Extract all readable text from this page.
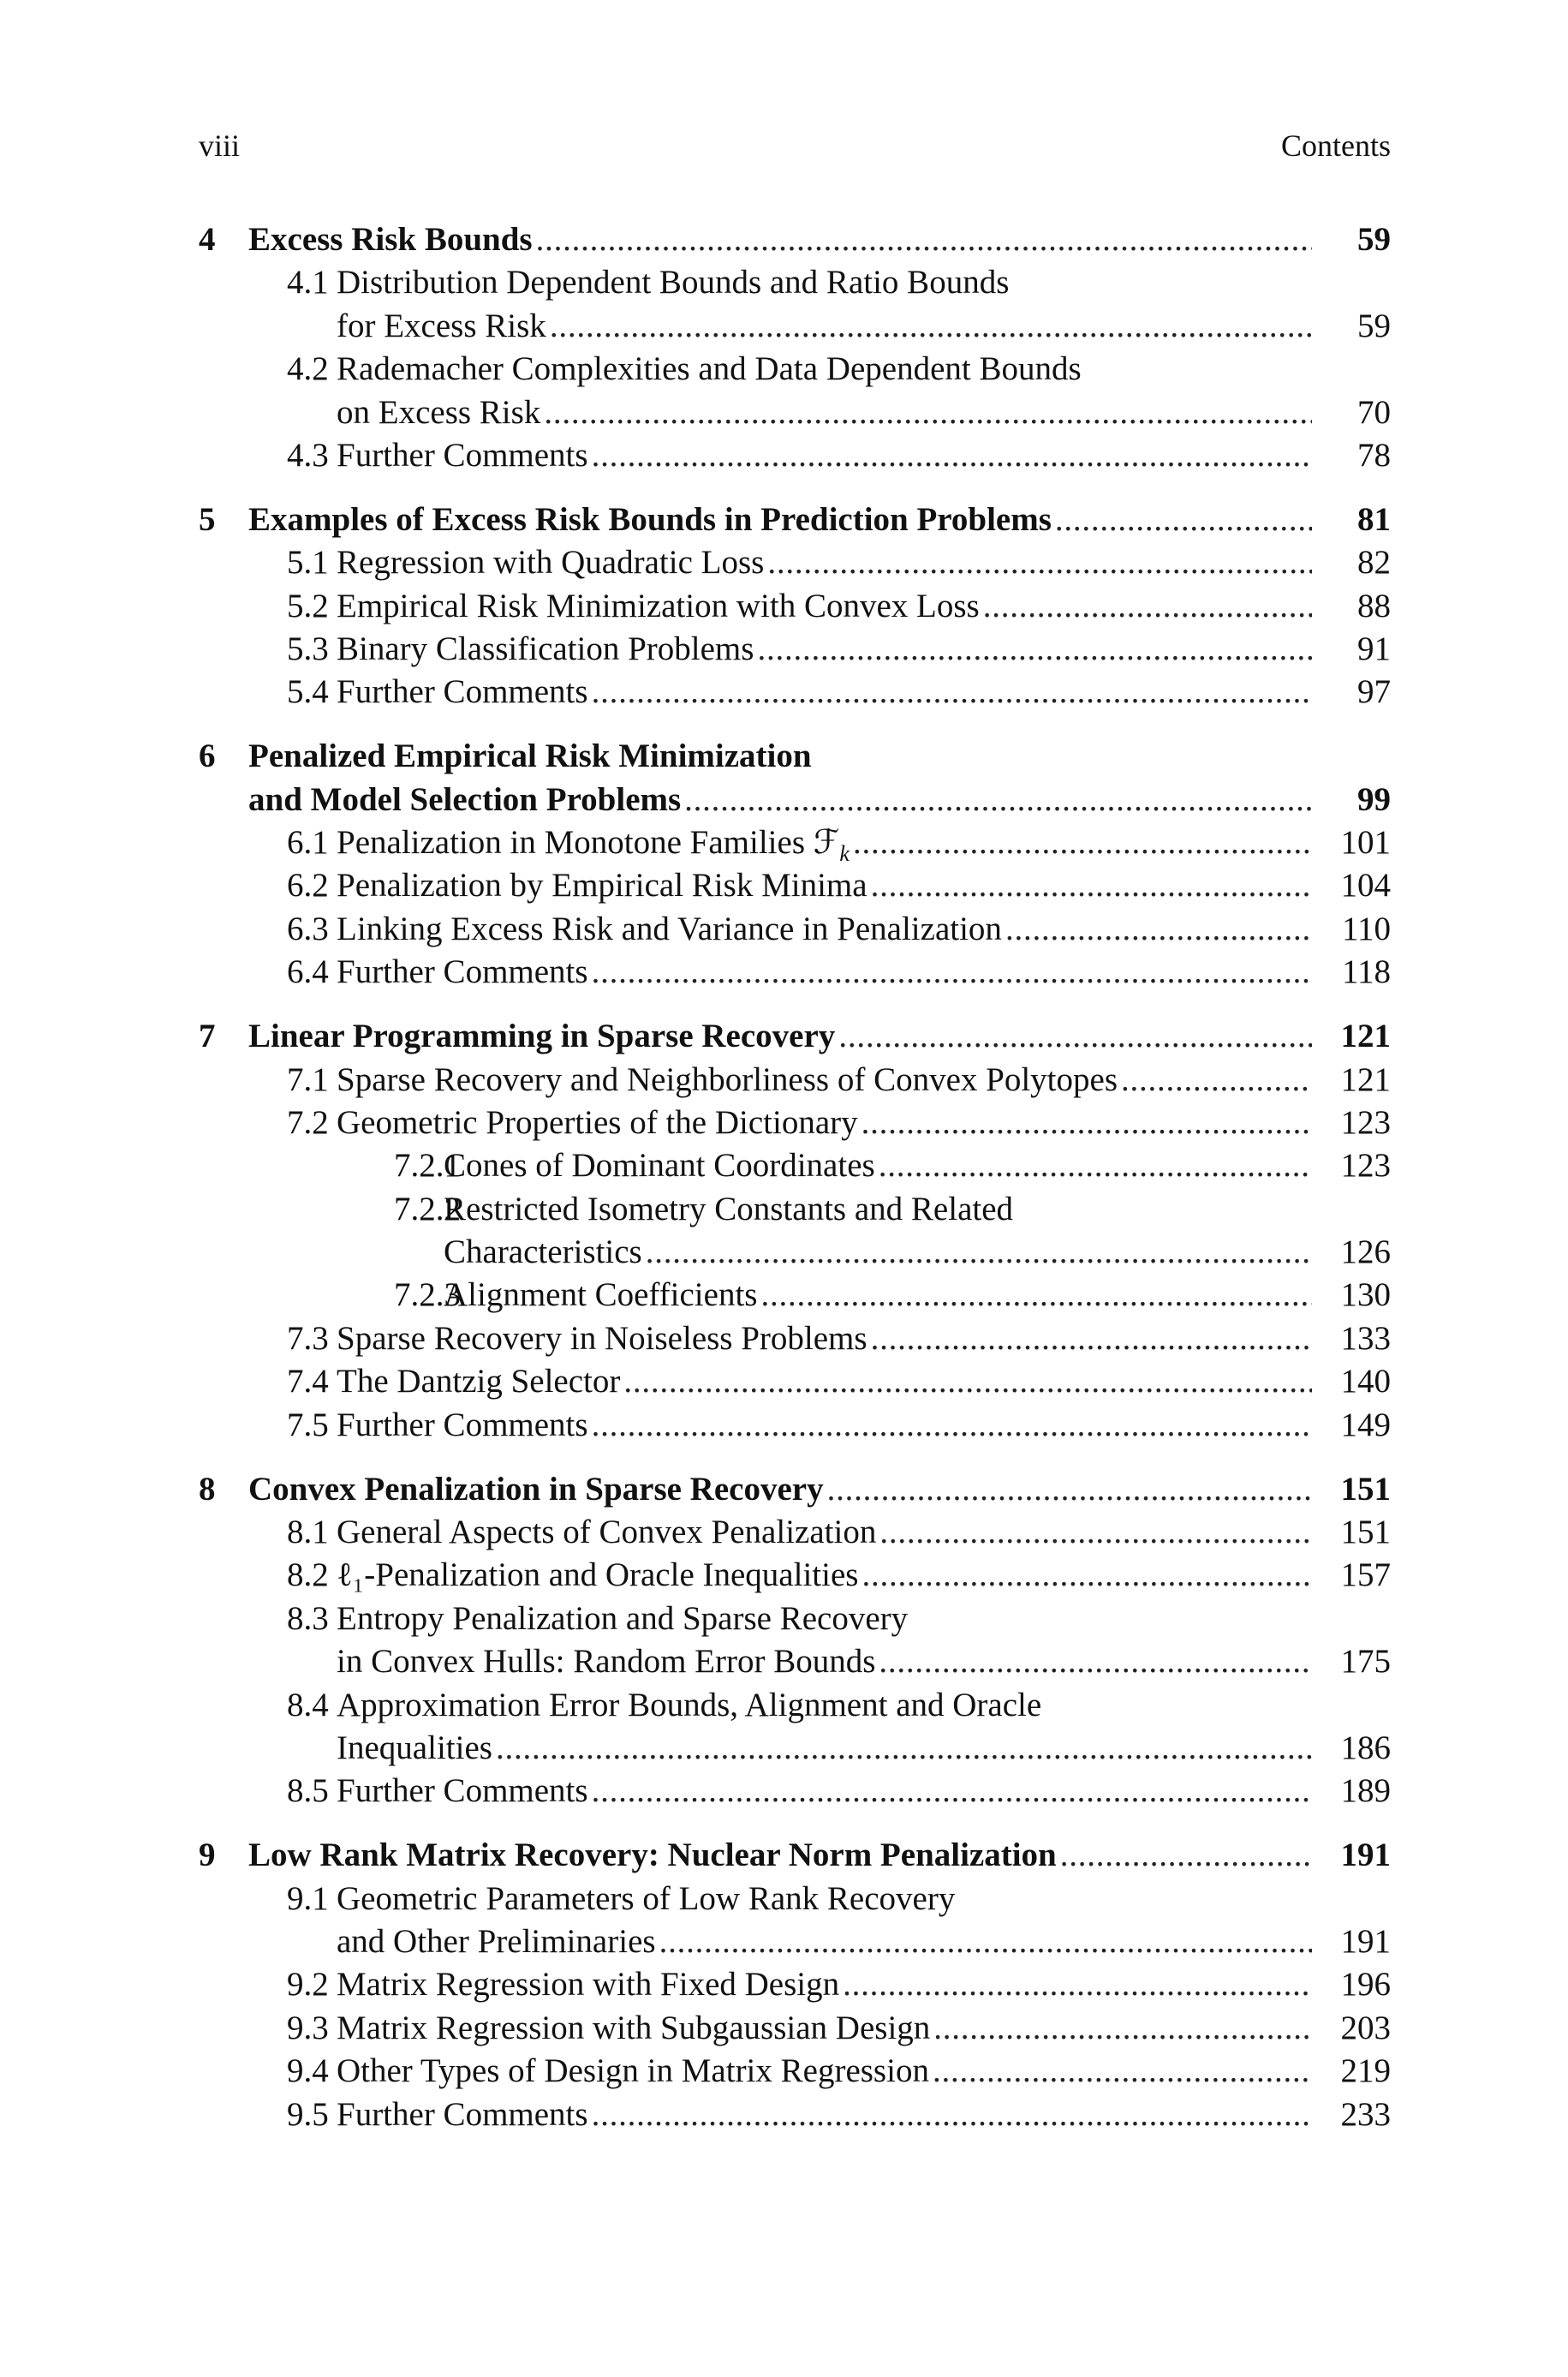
viii	Contents
4 Excess Risk Bounds . . .	59
4.1 Distribution Dependent Bounds and Ratio Bounds
for Excess Risk . . .	59
4.2 Rademacher Complexities and Data Dependent Bounds
on Excess Risk . . .	70
4.3 Further Comments . . .	78
5 Examples of Excess Risk Bounds in Prediction Problems . . .	81
5.1 Regression with Quadratic Loss . . .	82
5.2 Empirical Risk Minimization with Convex Loss . . .	88
5.3 Binary Classification Problems . . .	91
5.4 Further Comments . . .	97
6 Penalized Empirical Risk Minimization
and Model Selection Problems . . .	99
6.1 Penalization in Monotone Families ℱ$_k$ . . .	101
6.2 Penalization by Empirical Risk Minima . . .	104
6.3 Linking Excess Risk and Variance in Penalization . . .	110
6.4 Further Comments . . .	118
7 Linear Programming in Sparse Recovery . . .	121
7.1 Sparse Recovery and Neighborliness of Convex Polytopes . . .	121
7.2 Geometric Properties of the Dictionary . . .	123
7.2.1
Cones of Dominant Coordinates . . .	123
7.2.2
Restricted Isometry Constants and Related
Characteristics . . .	126
7.2.3
Alignment Coefficients . . .	130
7.3 Sparse Recovery in Noiseless Problems . . .	133
7.4 The Dantzig Selector . . .	140
7.5 Further Comments . . .	149
8 Convex Penalization in Sparse Recovery . . .	151
8.1 General Aspects of Convex Penalization . . .	151
8.2 ℓ₁-Penalization and Oracle Inequalities . . .	157
8.3 Entropy Penalization and Sparse Recovery
in Convex Hulls: Random Error Bounds . . .	175
8.4 Approximation Error Bounds, Alignment and Oracle
Inequalities . . .	186
8.5 Further Comments . . .	189
9 Low Rank Matrix Recovery: Nuclear Norm Penalization . . .	191
9.1 Geometric Parameters of Low Rank Recovery
and Other Preliminaries . . .	191
9.2 Matrix Regression with Fixed Design . . .	196
9.3 Matrix Regression with Subgaussian Design . . .	203
9.4 Other Types of Design in Matrix Regression . . .	219
9.5 Further Comments . . .	233
